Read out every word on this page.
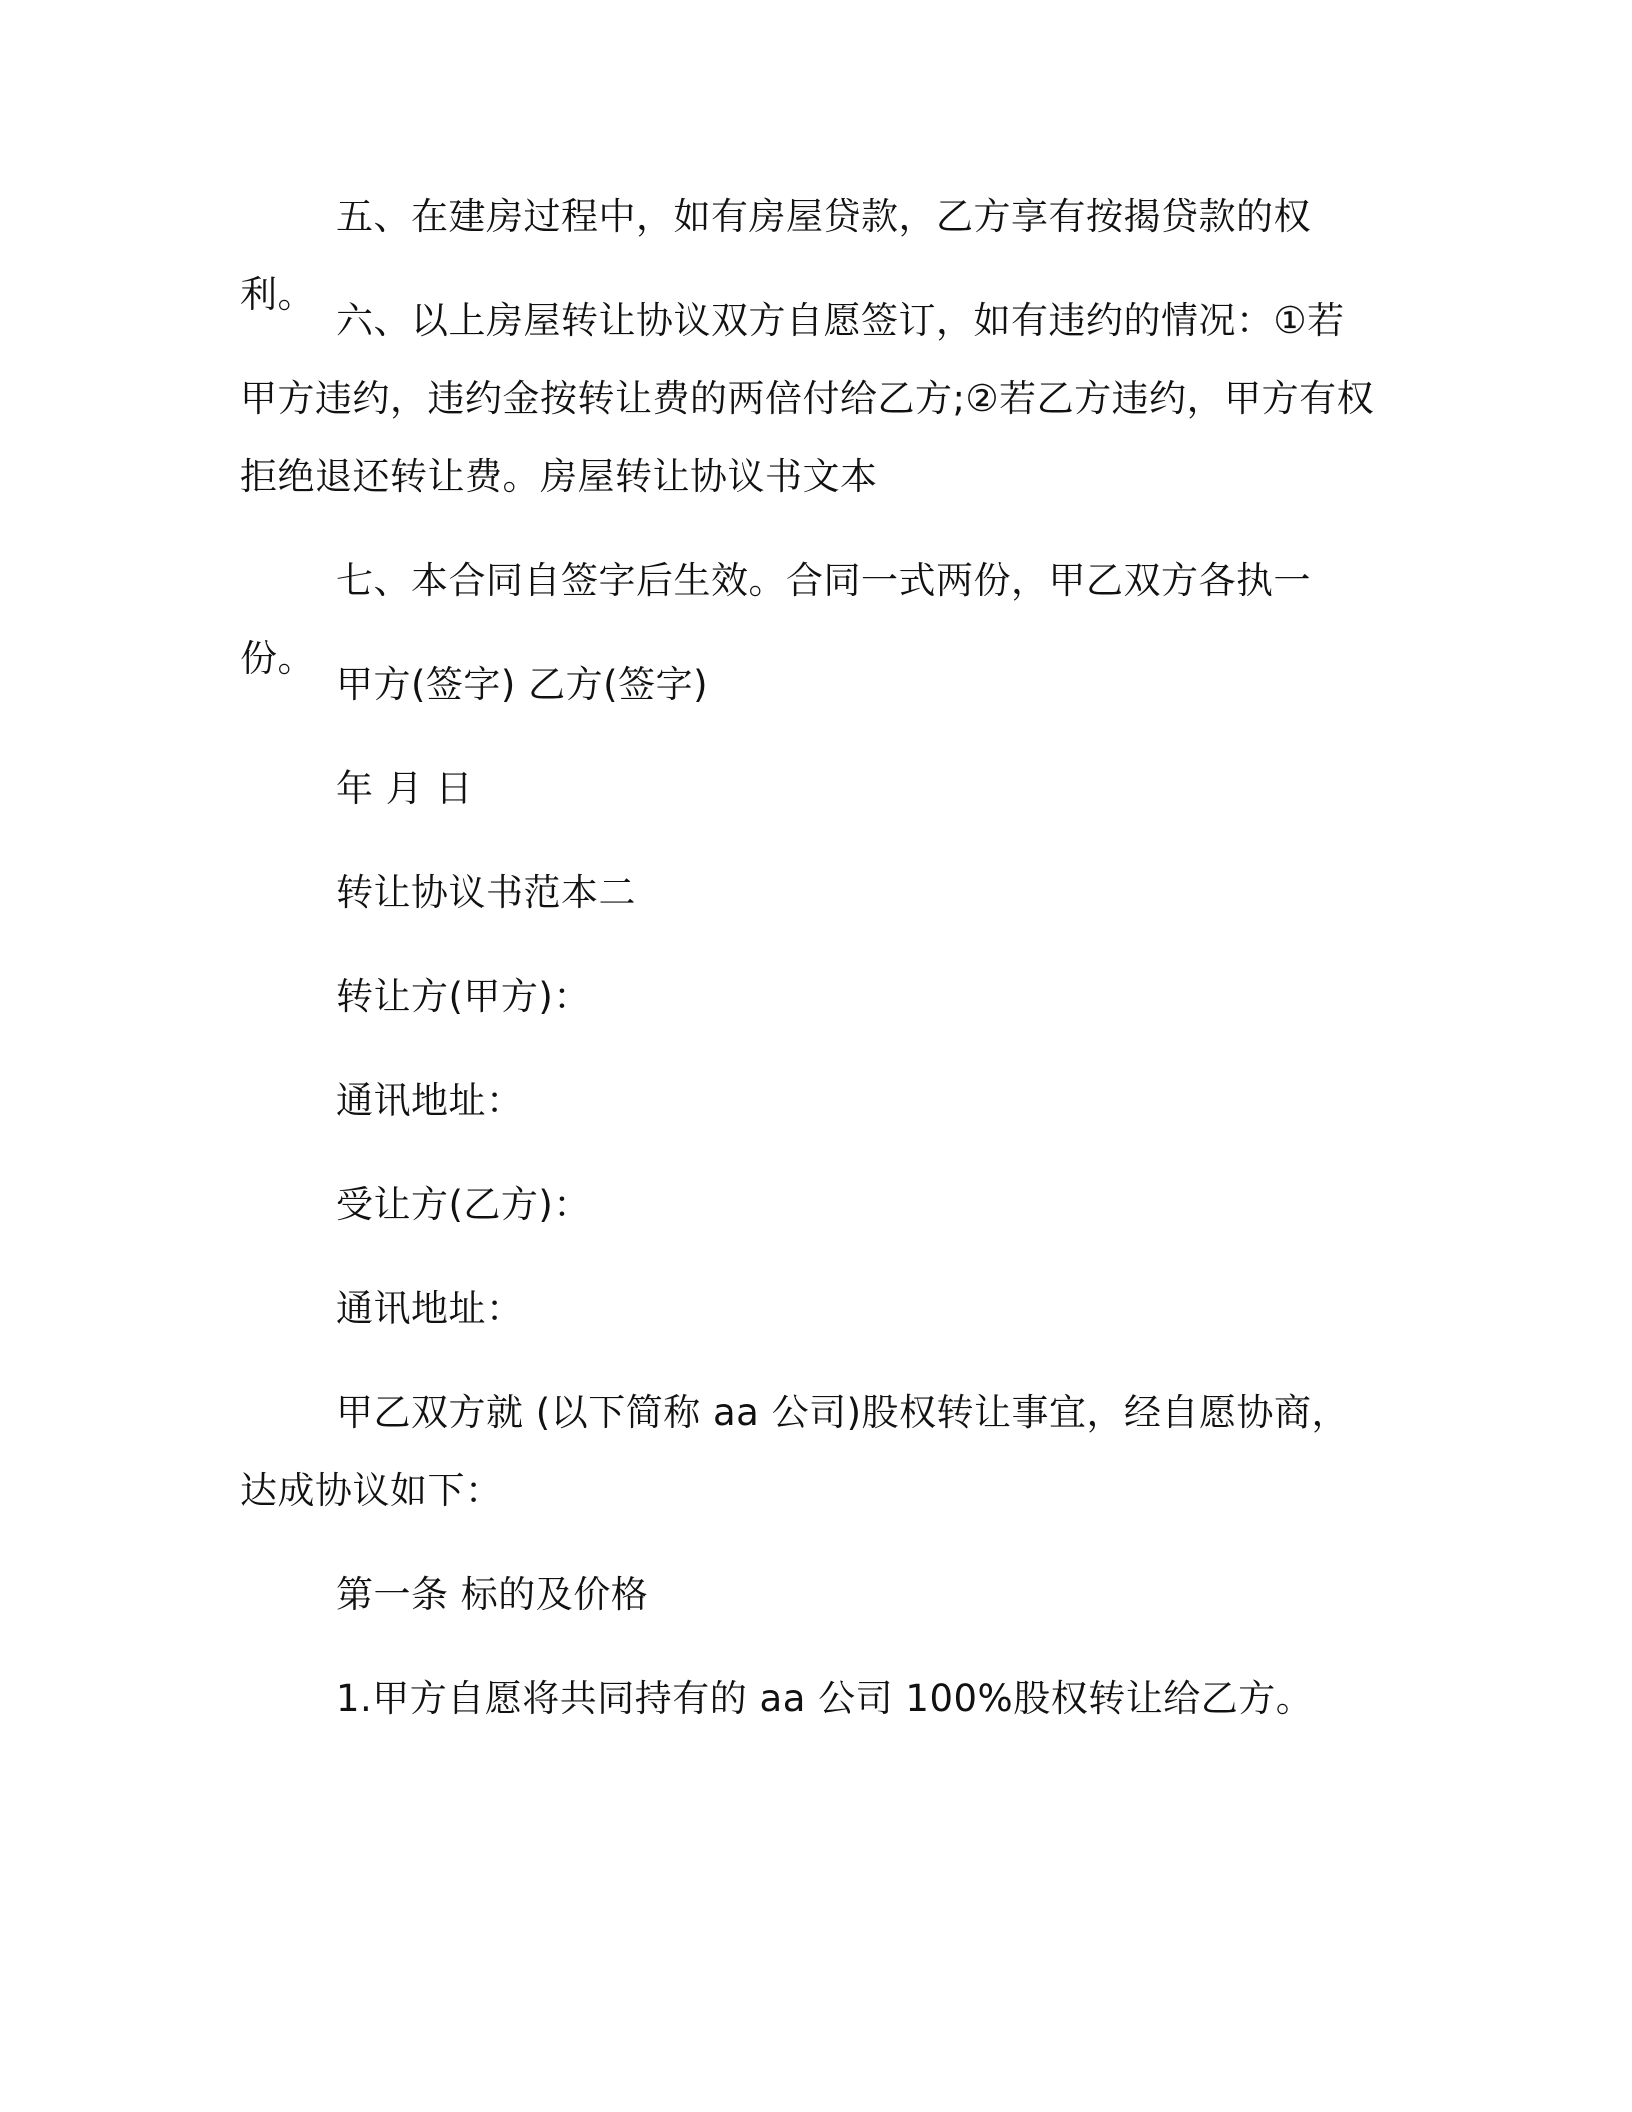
五、在建房过程中，如有房屋贷款，乙方享有按揭贷款的权利。

六、以上房屋转让协议双方自愿签订，如有违约的情况：①若甲方违约，违约金按转让费的两倍付给乙方;②若乙方违约，甲方有权拒绝退还转让费。房屋转让协议书文本

七、本合同自签字后生效。合同一式两份，甲乙双方各执一份。

甲方(签字) 乙方(签字)

年 月 日

转让协议书范本二

转让方(甲方)：

通讯地址：

受让方(乙方)：

通讯地址：

甲乙双方就 (以下简称 aa 公司)股权转让事宜，经自愿协商，达成协议如下：

第一条 标的及价格

1.甲方自愿将共同持有的 aa 公司 100%股权转让给乙方。
